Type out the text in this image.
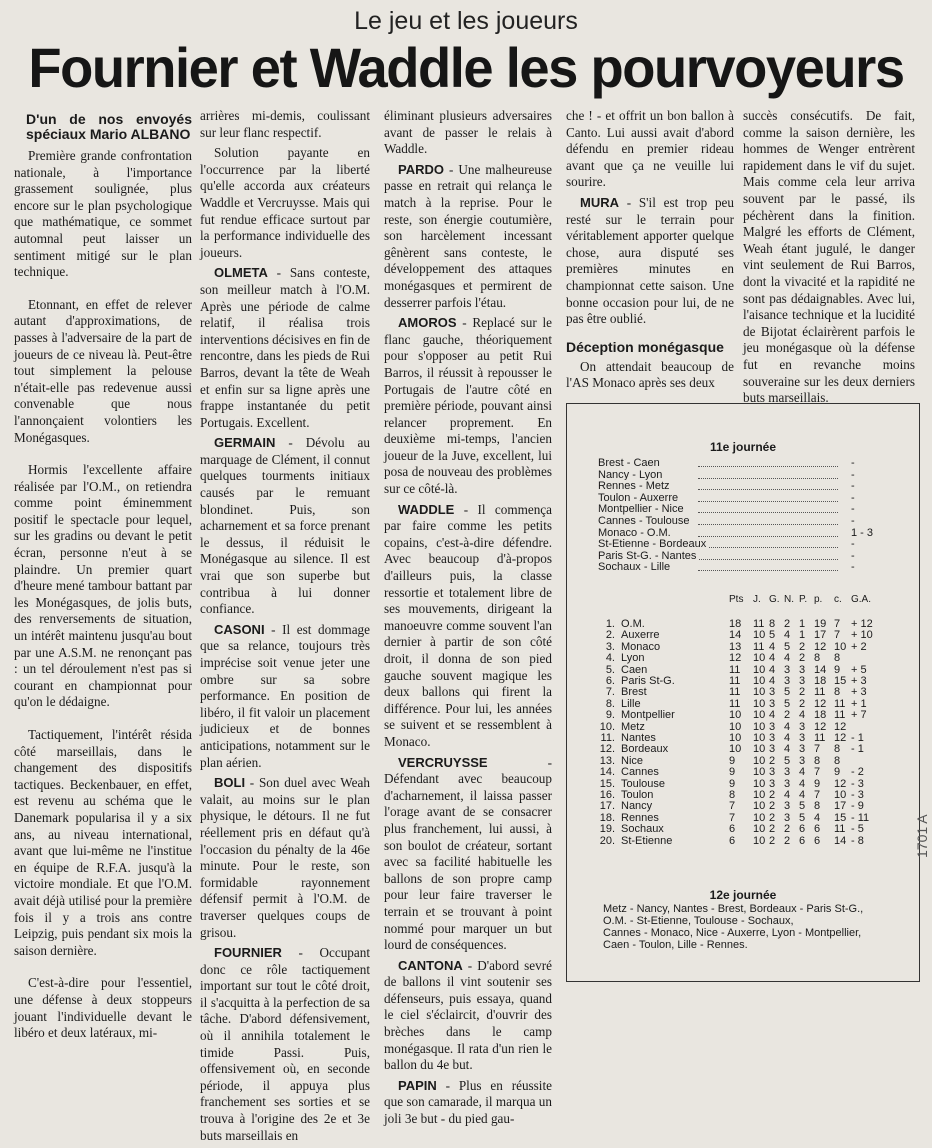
Le jeu et les joueurs
Fournier et Waddle les pourvoyeurs
D'un de nos envoyés spéciaux Mario ALBANO

Première grande confrontation nationale, à l'importance grassement soulignée, plus encore sur le plan psychologique que mathématique, ce sommet automnal peut laisser un sentiment mitigé sur le plan technique.

Etonnant, en effet de relever autant d'approximations, de passes à l'adversaire de la part de joueurs de ce niveau là. Peut-être tout simplement la pelouse n'était-elle pas redevenue aussi convenable que nous l'annonçaient volontiers les Monégasques.

Hormis l'excellente affaire réalisée par l'O.M., on retiendra comme point éminemment positif le spectacle pour lequel, sur les gradins ou devant le petit écran, personne n'eut à se plaindre. Un premier quart d'heure mené tambour battant par les Monégasques, de jolis buts, des renversements de situation, un intérêt maintenu jusqu'au bout par une A.S.M. ne renonçant pas : un tel déroulement n'est pas si courant en championnat pour qu'on le dédaigne.

Tactiquement, l'intérêt résida côté marseillais, dans le changement des dispositifs tactiques. Beckenbauer, en effet, est revenu au schéma que le Danemark popularisa il y a six ans, au niveau international, avant que lui-même ne l'institue en équipe de R.F.A. jusqu'à la victoire mondiale. Et que l'O.M. avait déjà utilisé pour la première fois il y a trois ans contre Leipzig, puis pendant six mois la saison dernière.

C'est-à-dire pour l'essentiel, une défense à deux stoppeurs jouant l'individuelle devant le libéro et deux latéraux, mi-

arrières mi-demis, coulissant sur leur flanc respectif.

Solution payante en l'occurrence par la liberté qu'elle accorda aux créateurs Waddle et Vercruysse. Mais qui fut renduе efficace surtout par la performance individuelle des joueurs.

OLMETA - Sans conteste, son meilleur match à l'O.M. Après une période de calme relatif, il réalisa trois interventions décisives en fin de rencontre, dans les pieds de Rui Barros, devant la tête de Weah et enfin sur sa ligne après une frappe instantanée du petit Portugais. Excellent.

GERMAIN - Dévolu au marquage de Clément, il connut quelques tourments initiaux causés par le remuant blondinet. Puis, son acharnement et sa force prenant le dessus, il réduisit le Monégasque au silence. Il est vrai que son superbe but contribua à lui donner confiance.

CASONI - Il est dommage que sa relance, toujours très imprécise soit venue jeter une ombre sur sa sobre performance. En position de libéro, il fit valoir un placement judicieux et de bonnes anticipations, notamment sur le plan aérien.

BOLI - Son duel avec Weah valait, au moins sur le plan physique, le détours. Il ne fut réellement pris en défaut qu'à l'occasion du pénalty de la 46e minute. Pour le reste, son formidable rayonnement défensif permit à l'O.M. de traverser quelques coups de grisou.

FOURNIER - Occupant donc ce rôle tactiquement important sur tout le côté droit, il s'acquitta à la perfection de sa tâche. D'abord défensivement, où il annihila totalement le timide Passi. Puis, offensivement où, en seconde période, il appuya plus franchement ses sorties et se trouva à l'origine des 2e et 3e buts marseillais en

éliminant plusieurs adversaires avant de passer le relais à Waddle.

PARDO - Une malheureuse passe en retrait qui relança le match à la reprise. Pour le reste, son énergie coutumière, son harcèlement incessant gênèrent sans conteste, le développement des attaques monégasques et permirent de desserrer parfois l'étau.

AMOROS - Replacé sur le flanc gauche, théoriquement pour s'opposer au petit Rui Barros, il réussit à repousser le Portugais de l'autre côté en première période, pouvant ainsi relancer proprement. En deuxième mi-temps, l'ancien joueur de la Juve, excellent, lui posa de nouveau des problèmes sur ce côté-là.

WADDLE - Il commença par faire comme les petits copains, c'est-à-dire défendre. Avec beaucoup d'à-propos d'ailleurs puis, la classe ressortie et totalement libre de ses mouvements, dirigeant la manoeuvre comme souvent l'an dernier à partir de son côté droit, il donna de son pied gauche souvent magique les deux ballons qui firent la différence. Pour lui, les années se suivent et se ressemblent à Monaco.

VERCRUYSSE - Défendant avec beaucoup d'acharnement, il laissa passer l'orage avant de se consacrer plus franchement, lui aussi, à son boulot de créateur, sortant avec sa facilité habituelle les ballons de son propre camp pour leur faire traverser le terrain et se trouvant à point nommé pour marquer un but lourd de conséquences.

CANTONA - D'abord sevré de ballons il vint soutenir ses défenseurs, puis essaya, quand le ciel s'éclaircit, d'ouvrir des brèches dans le camp monégasque. Il rata d'un rien le ballon du 4e but.

PAPIN - Plus en réussite que son camarade, il marqua un joli 3e but - du pied gau-

che ! - et offrit un bon ballon à Canto. Lui aussi avait d'abord défendu en premier rideau avant que ça ne veuille lui sourire.

MURA - S'il est trop peu resté sur le terrain pour véritablement apporter quelque chose, aura disputé ses premières minutes en championnat cette saison. Une bonne occasion pour lui, de ne pas être oublié.

Déception monégasque

On attendait beaucoup de l'AS Monaco après ses deux

succès consécutifs. De fait, comme la saison dernière, les hommes de Wenger entrèrent rapidement dans le vif du sujet. Mais comme cela leur arriva souvent par le passé, ils péchèrent dans la finition. Malgré les efforts de Clément, Weah étant jugulé, le danger vint seulement de Rui Barros, dont la vivacité et la rapidité ne sont pas dédaignables. Avec lui, l'aisance technique et la lucidité de Bijotat éclairèrent parfois le jeu monégasque où la défense fut en revanche moins souveraine sur les deux derniers buts marseillais.

11e journée
Brest - Caen	-
Nancy - Lyon	-
Rennes - Metz	-
Toulon - Auxerre	-
Montpellier - Nice	-
Cannes - Toulouse	-
Monaco - O.M.	1 - 3
St-Etienne - Bordeaux	-
Paris St-G. - Nantes	-
Sochaux - Lille	-
Pts J. G. N. P. p. c. G.A.
1. O.M.	18 11 8 2 1 19 7 + 12
2. Auxerre	14 10 5 4 1 17 7 + 10
3. Monaco	13 11 4 5 2 12 10 + 2
4. Lyon	12 10 4 4 2 8 8
5. Caen	11 10 4 3 3 14 9 + 5
6. Paris St-G.	11 10 4 3 3 18 15 + 3
7. Brest	11 10 3 5 2 11 8 + 3
8. Lille	11 10 3 5 2 12 11 + 1
9. Montpellier	10 10 4 2 4 18 11 + 7
10. Metz	10 10 3 4 3 12 12
11. Nantes	10 10 3 4 3 11 12 - 1
12. Bordeaux	10 10 3 4 3 7 8 - 1
13. Nice	9 10 2 5 3 8 8
14. Cannes	9 10 3 3 4 7 9 - 2
15. Toulouse	9 10 3 3 4 9 12 - 3
16. Toulon	8 10 2 4 4 7 10 - 3
17. Nancy	7 10 2 3 5 8 17 - 9
18. Rennes	7 10 2 3 5 4 15 - 11
19. Sochaux	6 10 2 2 6 6 11 - 5
20. St-Etienne	6 10 2 2 6 6 14 - 8
12e journée
Metz - Nancy, Nantes - Brest, Bordeaux - Paris St-G.,
O.M. - St-Etienne, Toulouse - Sochaux,
Cannes - Monaco, Nice - Auxerre, Lyon - Montpellier,
Caen - Toulon, Lille - Rennes.
1701 A
